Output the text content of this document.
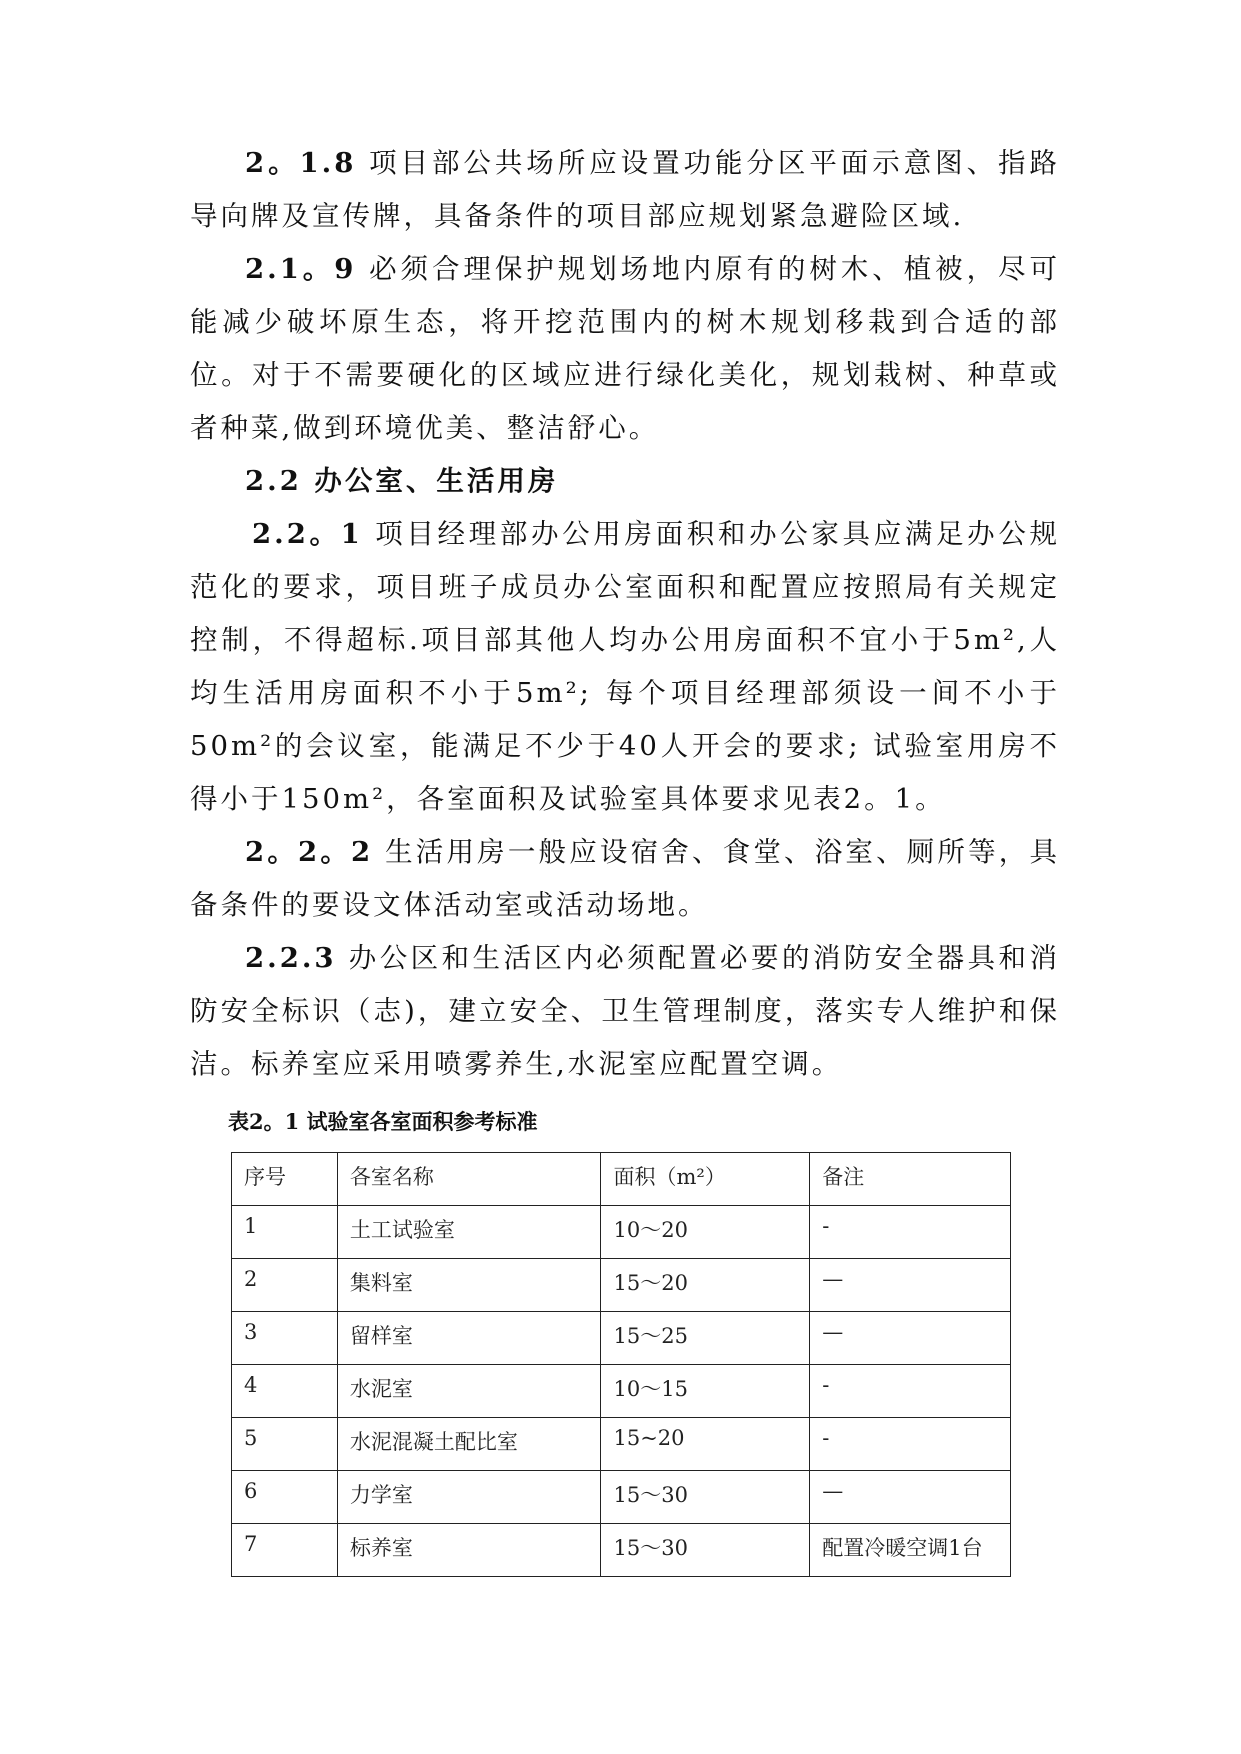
2。1.8 项目部公共场所应设置功能分区平面示意图、指路导向牌及宣传牌，具备条件的项目部应规划紧急避险区域.

2.1。9 必须合理保护规划场地内原有的树木、植被，尽可能减少破坏原生态，将开挖范围内的树木规划移栽到合适的部位。对于不需要硬化的区域应进行绿化美化，规划栽树、种草或者种菜,做到环境优美、整洁舒心。

2.2 办公室、生活用房

2.2。1 项目经理部办公用房面积和办公家具应满足办公规范化的要求，项目班子成员办公室面积和配置应按照局有关规定控制，不得超标.项目部其他人均办公用房面积不宜小于5m²,人均生活用房面积不小于5m²; 每个项目经理部须设一间不小于50m²的会议室，能满足不少于40人开会的要求; 试验室用房不得小于150m²，各室面积及试验室具体要求见表2。1。

2。2。2 生活用房一般应设宿舍、食堂、浴室、厕所等，具备条件的要设文体活动室或活动场地。

2.2.3 办公区和生活区内必须配置必要的消防安全器具和消防安全标识（志)，建立安全、卫生管理制度，落实专人维护和保洁。标养室应采用喷雾养生,水泥室应配置空调。

表2。1 试验室各室面积参考标准

序号	各室名称	面积（m²）	备注
1	土工试验室	10～20	-
2	集料室	15～20	—
3	留样室	15～25	—
4	水泥室	10～15	-
5	水泥混凝土配比室	15~20	-
6	力学室	15～30	—
7	标养室	15～30	配置冷暖空调1台
